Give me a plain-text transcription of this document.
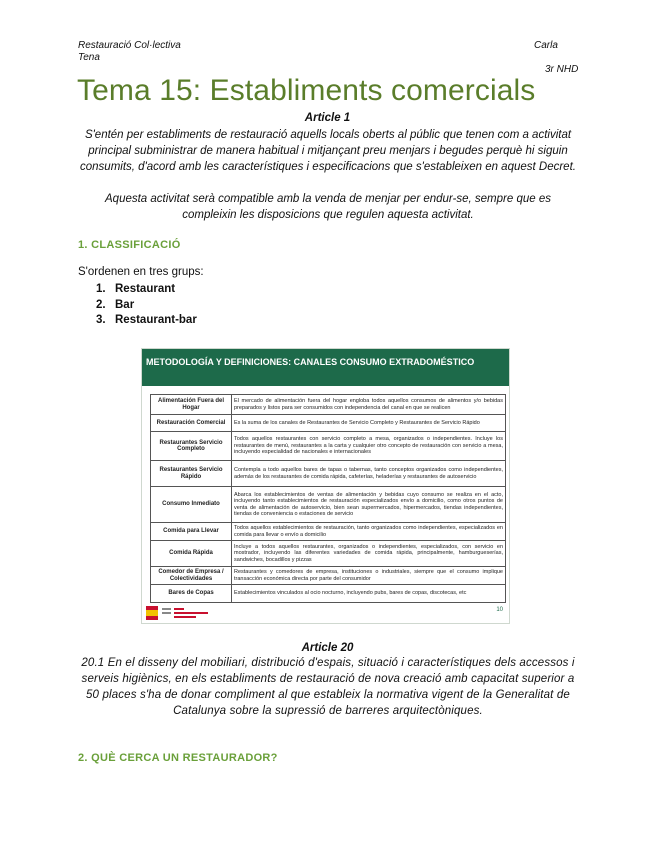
Restauració Col·lectiva
Tena
Carla
3r NHD
Tema 15: Establiments comercials
Article 1

S'entén per establiments de restauració aquells locals oberts al públic que tenen com a activitat principal subministrar de manera habitual i mitjançant preu menjars i begudes perquè hi siguin consumits, d'acord amb les característiques i especificacions que s'estableixen en aquest Decret.

Aquesta activitat serà compatible amb la venda de menjar per endur-se, sempre que es compleixin les disposicions que regulen aquesta activitat.

1. CLASSIFICACIÓ
S'ordenen en tres grups:
1. Restaurant
2. Bar
3. Restaurant-bar
METODOLOGÍA Y DEFINICIONES: CANALES CONSUMO EXTRADOMÉSTICO
Alimentación Fuera del Hogar	El mercado de alimentación fuera del hogar engloba todos aquellos consumos de alimentos y/o bebidas preparados y listos para ser consumidos con independencia del canal en que se realicen
Restauración Comercial	Es la suma de los canales de Restaurantes de Servicio Completo y Restaurantes de Servicio Rápido
Restaurantes Servicio Completo	Todos aquellos restaurantes con servicio completo a mesa, organizados o independientes. Incluye los restaurantes de menú, restaurantes a la carta y cualquier otro concepto de restauración con servicio a mesa, incluyendo especialidad de nacionales e internacionales
Restaurantes Servicio Rápido	Contempla a todo aquellos bares de tapas o tabernas, tanto conceptos organizados como independientes, además de los restaurantes de comida rápida, cafeterías, heladerías y restaurantes de autoservicio
Consumo Inmediato	Abarca los establecimientos de ventas de alimentación y bebidas cuyo consumo se realiza en el acto, incluyendo tanto establecimientos de restauración especializados envío a domicilio, como otros puntos de venta de alimentación de autoservicio, bien sean supermercados, hipermercados, tiendas independientes, tiendas de conveniencia o estaciones de servicio
Comida para Llevar	Todos aquellos establecimientos de restauración, tanto organizados como independientes, especializados en comida para llevar o envío a domicilio
Comida Rápida	Incluye a todos aquellos restaurantes, organizados o independientes, especializados, con servicio en mostrador, incluyendo las diferentes variedades de comida rápida, principalmente, hamburgueserías, sandwiches, bocadillos y pizzas
Comedor de Empresa / Colectividades	Restaurantes y comedores de empresa, instituciones o industriales, siempre que el consumo implique transacción económica directa por parte del consumidor
Bares de Copas	Establecimientos vinculados al ocio nocturno, incluyendo pubs, bares de copas, discotecas, etc
10
Article 20

20.1 En el disseny del mobiliari, distribució d'espais, situació i característiques dels accessos i serveis higiènics, en els establiments de restauració de nova creació amb capacitat superior a 50 places s'ha de donar compliment al que estableix la normativa vigent de la Generalitat de Catalunya sobre la supressió de barreres arquitectòniques.

2. QUÈ CERCA UN RESTAURADOR?
